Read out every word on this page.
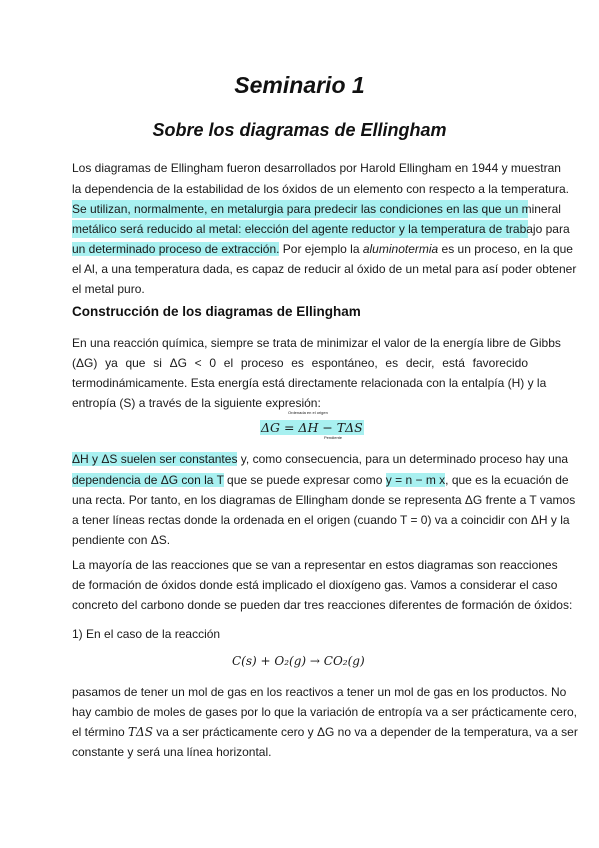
Seminario 1
Sobre los diagramas de Ellingham
Los diagramas de Ellingham fueron desarrollados por Harold Ellingham en 1944 y muestran
la dependencia de la estabilidad de los óxidos de un elemento con respecto a la temperatura.
Se utilizan, normalmente, en metalurgia para predecir las condiciones en las que un mineral
metálico será reducido al metal: elección del agente reductor y la temperatura de trabajo para
un determinado proceso de extracción. Por ejemplo la aluminotermia es un proceso, en la que
el Al, a una temperatura dada, es capaz de reducir al óxido de un metal para así poder obtener
el metal puro.
Construcción de los diagramas de Ellingham
En una reacción química, siempre se trata de minimizar el valor de la energía libre de Gibbs
(ΔG) ya que si ΔG < 0 el proceso es espontáneo, es decir, está favorecido
termodinámicamente. Esta energía está directamente relacionada con la entalpía (H) y la
entropía (S) a través de la siguiente expresión:
Ordenada en el origen
ΔG = ΔH − TΔS
Pendiente
ΔH y ΔS suelen ser constantes y, como consecuencia, para un determinado proceso hay una
dependencia de ΔG con la T que se puede expresar como y = n − m x, que es la ecuación de
una recta. Por tanto, en los diagramas de Ellingham donde se representa ΔG frente a T vamos
a tener líneas rectas donde la ordenada en el origen (cuando T = 0) va a coincidir con ΔH y la
pendiente con ΔS.
La mayoría de las reacciones que se van a representar en estos diagramas son reacciones
de formación de óxidos donde está implicado el dioxígeno gas. Vamos a considerar el caso
concreto del carbono donde se pueden dar tres reacciones diferentes de formación de óxidos:
1) En el caso de la reacción
C(s) + O₂(g) → CO₂(g)
pasamos de tener un mol de gas en los reactivos a tener un mol de gas en los productos. No
hay cambio de moles de gases por lo que la variación de entropía va a ser prácticamente cero,
el término TΔS va a ser prácticamente cero y ΔG no va a depender de la temperatura, va a ser
constante y será una línea horizontal.
